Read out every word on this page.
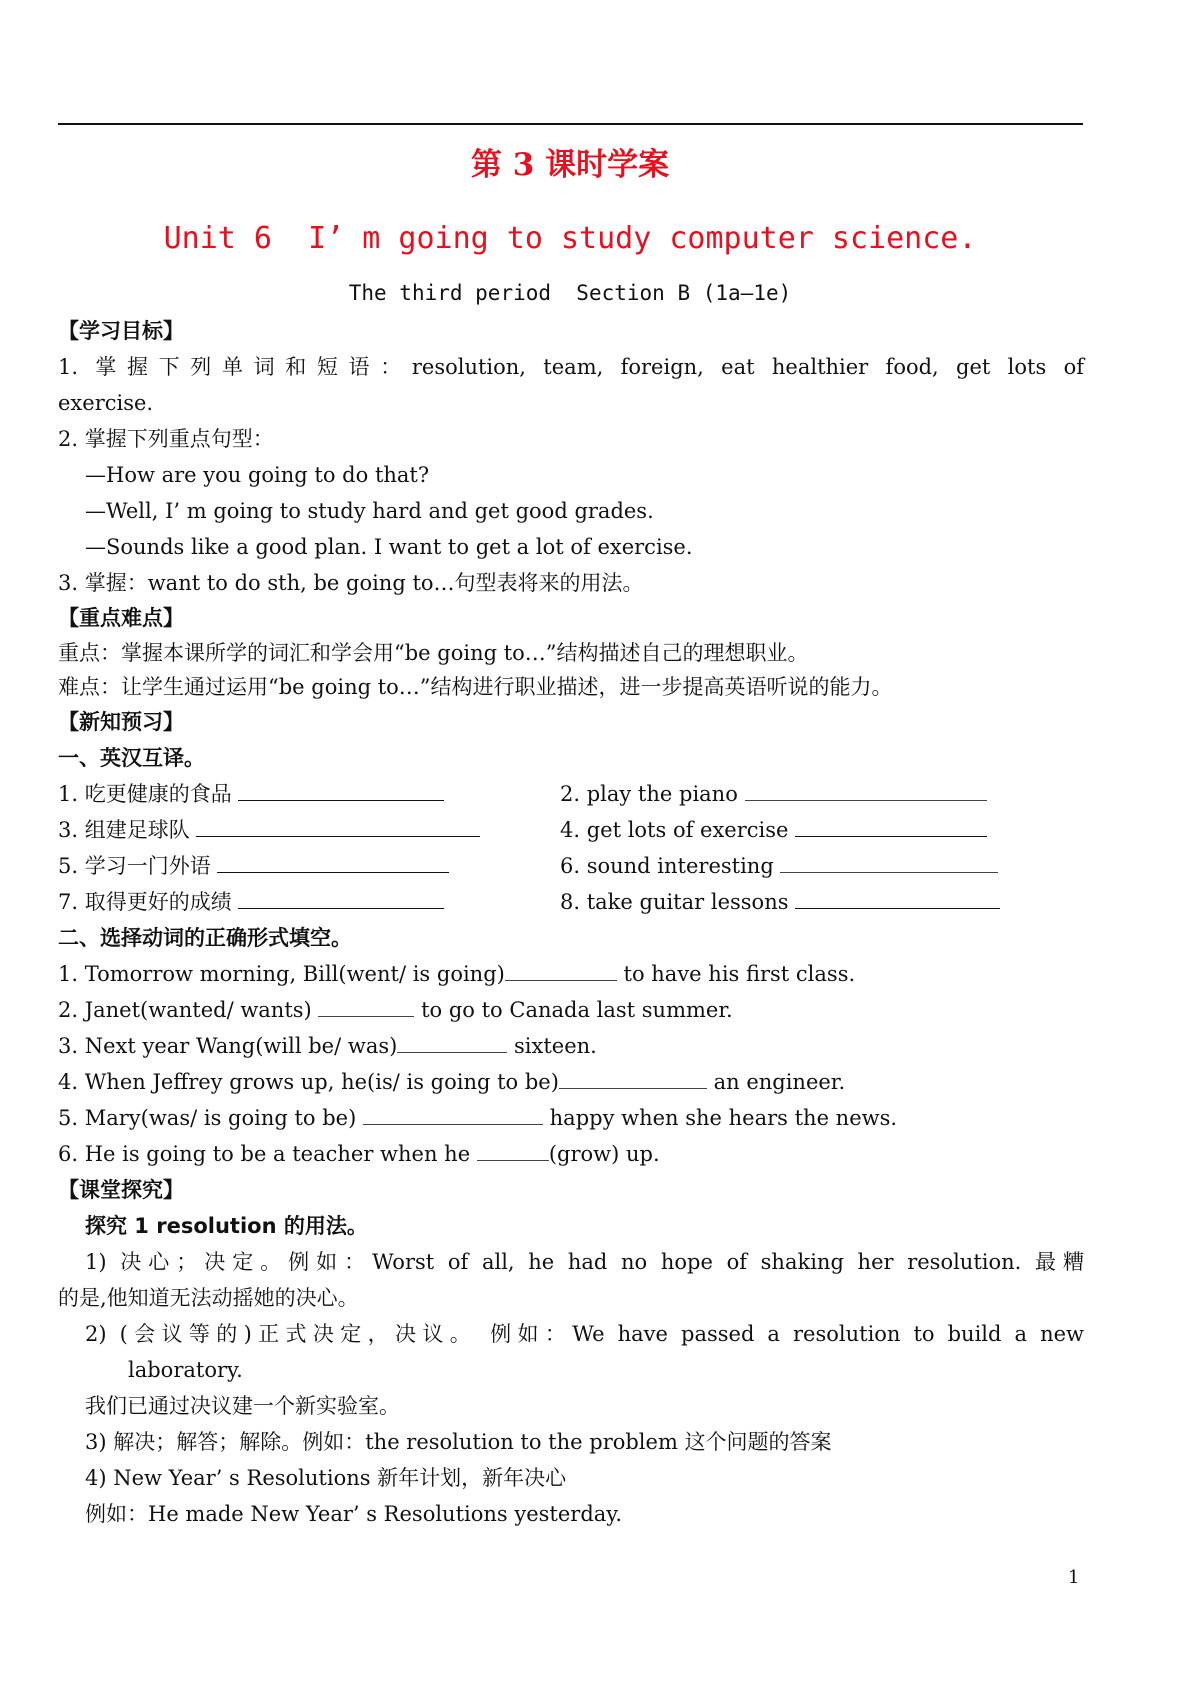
第 3 课时学案
Unit 6  I’ m going to study computer science.
The third period  Section B (1a—1e)
【学习目标】
1. 掌握下列单词和短语：resolution, team, foreign, eat healthier food, get lots of
exercise.
2. 掌握下列重点句型：
—How are you going to do that?
—Well, I’ m going to study hard and get good grades.
—Sounds like a good plan. I want to get a lot of exercise.
3. 掌握：want to do sth, be going to…句型表将来的用法。
【重点难点】
重点：掌握本课所学的词汇和学会用“be going to…”结构描述自己的理想职业。
难点：让学生通过运用“be going to…”结构进行职业描述，进一步提高英语听说的能力。
【新知预习】
一、英汉互译。
1. 吃更健康的食品	2. play the piano
3. 组建足球队	4. get lots of exercise
5. 学习一门外语	6. sound interesting
7. 取得更好的成绩	8. take guitar lessons
二、选择动词的正确形式填空。
1. Tomorrow morning, Bill(went/ is going)	to have his first class.
2. Janet(wanted/ wants)	to go to Canada last summer.
3. Next year Wang(will be/ was)	sixteen.
4. When Jeffrey grows up, he(is/ is going to be)	an engineer.
5. Mary(was/ is going to be)	happy when she hears the news.
6. He is going to be a teacher when he	(grow) up.
【课堂探究】
探究 1 resolution 的用法。
1) 决心；决定。例如：Worst of all, he had no hope of shaking her resolution. 最糟
的是,他知道无法动摇她的决心。
2) (会议等的)正式决定，决议。 例如：We have passed a resolution to build a new
laboratory.
我们已通过决议建一个新实验室。
3) 解决；解答；解除。例如：the resolution to the problem 这个问题的答案
4) New Year’ s Resolutions 新年计划，新年决心
例如：He made New Year’ s Resolutions yesterday.
1
